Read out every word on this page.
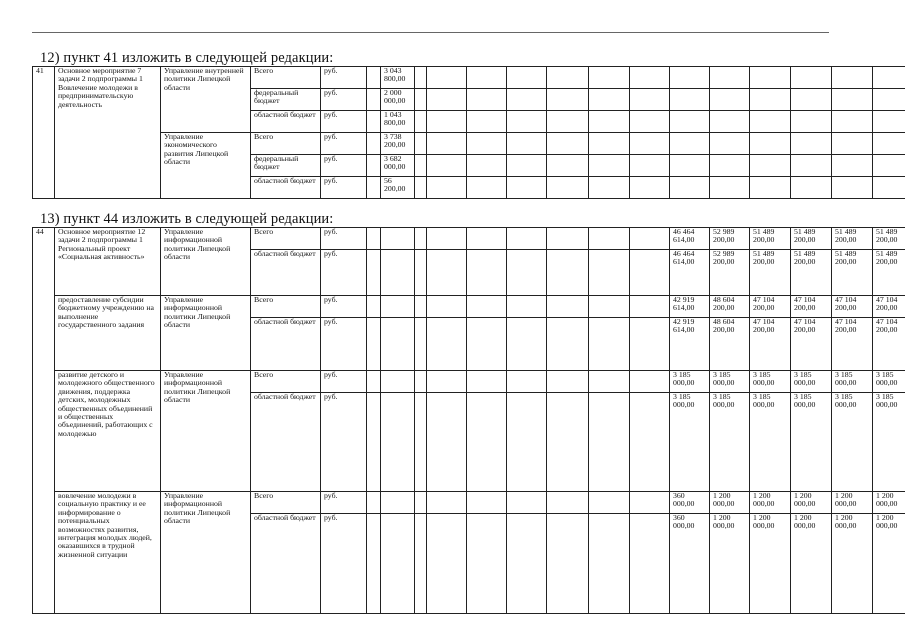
12) пункт 41 изложить в следующей редакции:
41	Основное мероприятие 7 задачи 2 подпрограммы 1 Вовлечение молодежи в предпринимательскую деятельность	Управление внутренней политики Липецкой области	Всего	руб.		3 043 800,00													
			федеральный бюджет	руб.		2 000 000,00													
			областной бюджет	руб.		1 043 800,00													
		Управление экономического развития Липецкой области	Всего	руб.		3 738 200,00													
			федеральный бюджет	руб.		3 682 000,00													
			областной бюджет	руб.		56 200,00													
13) пункт 44 изложить в следующей редакции:
44	Основное мероприятие 12 задачи 2 подпрограммы 1 Региональный проект «Социальная активность»	Управление информационной политики Липецкой области	Всего	руб.										46 464 614,00	52 989 200,00	51 489 200,00	51 489 200,00	51 489 200,00	51 489 200,00
			областной бюджет	руб.										46 464 614,00	52 989 200,00	51 489 200,00	51 489 200,00	51 489 200,00	51 489 200,00
	предоставление субсидии бюджетному учреждению на выполнение государственного задания	Управление информационной политики Липецкой области	Всего	руб.										42 919 614,00	48 604 200,00	47 104 200,00	47 104 200,00	47 104 200,00	47 104 200,00
			областной бюджет	руб.										42 919 614,00	48 604 200,00	47 104 200,00	47 104 200,00	47 104 200,00	47 104 200,00
	развитие детского и молодежного общественного движения, поддержка детских, молодежных общественных объединений и общественных объединений, работающих с молодежью	Управление информационной политики Липецкой области	Всего	руб.										3 185 000,00	3 185 000,00	3 185 000,00	3 185 000,00	3 185 000,00	3 185 000,00
			областной бюджет	руб.										3 185 000,00	3 185 000,00	3 185 000,00	3 185 000,00	3 185 000,00	3 185 000,00
	вовлечение молодежи в социальную практику и ее информирование о потенциальных возможностях развития, интеграция молодых людей, оказавшихся в трудной жизненной ситуации	Управление информационной политики Липецкой области	Всего	руб.										360 000,00	1 200 000,00	1 200 000,00	1 200 000,00	1 200 000,00	1 200 000,00
			областной бюджет	руб.										360 000,00	1 200 000,00	1 200 000,00	1 200 000,00	1 200 000,00	1 200 000,00
